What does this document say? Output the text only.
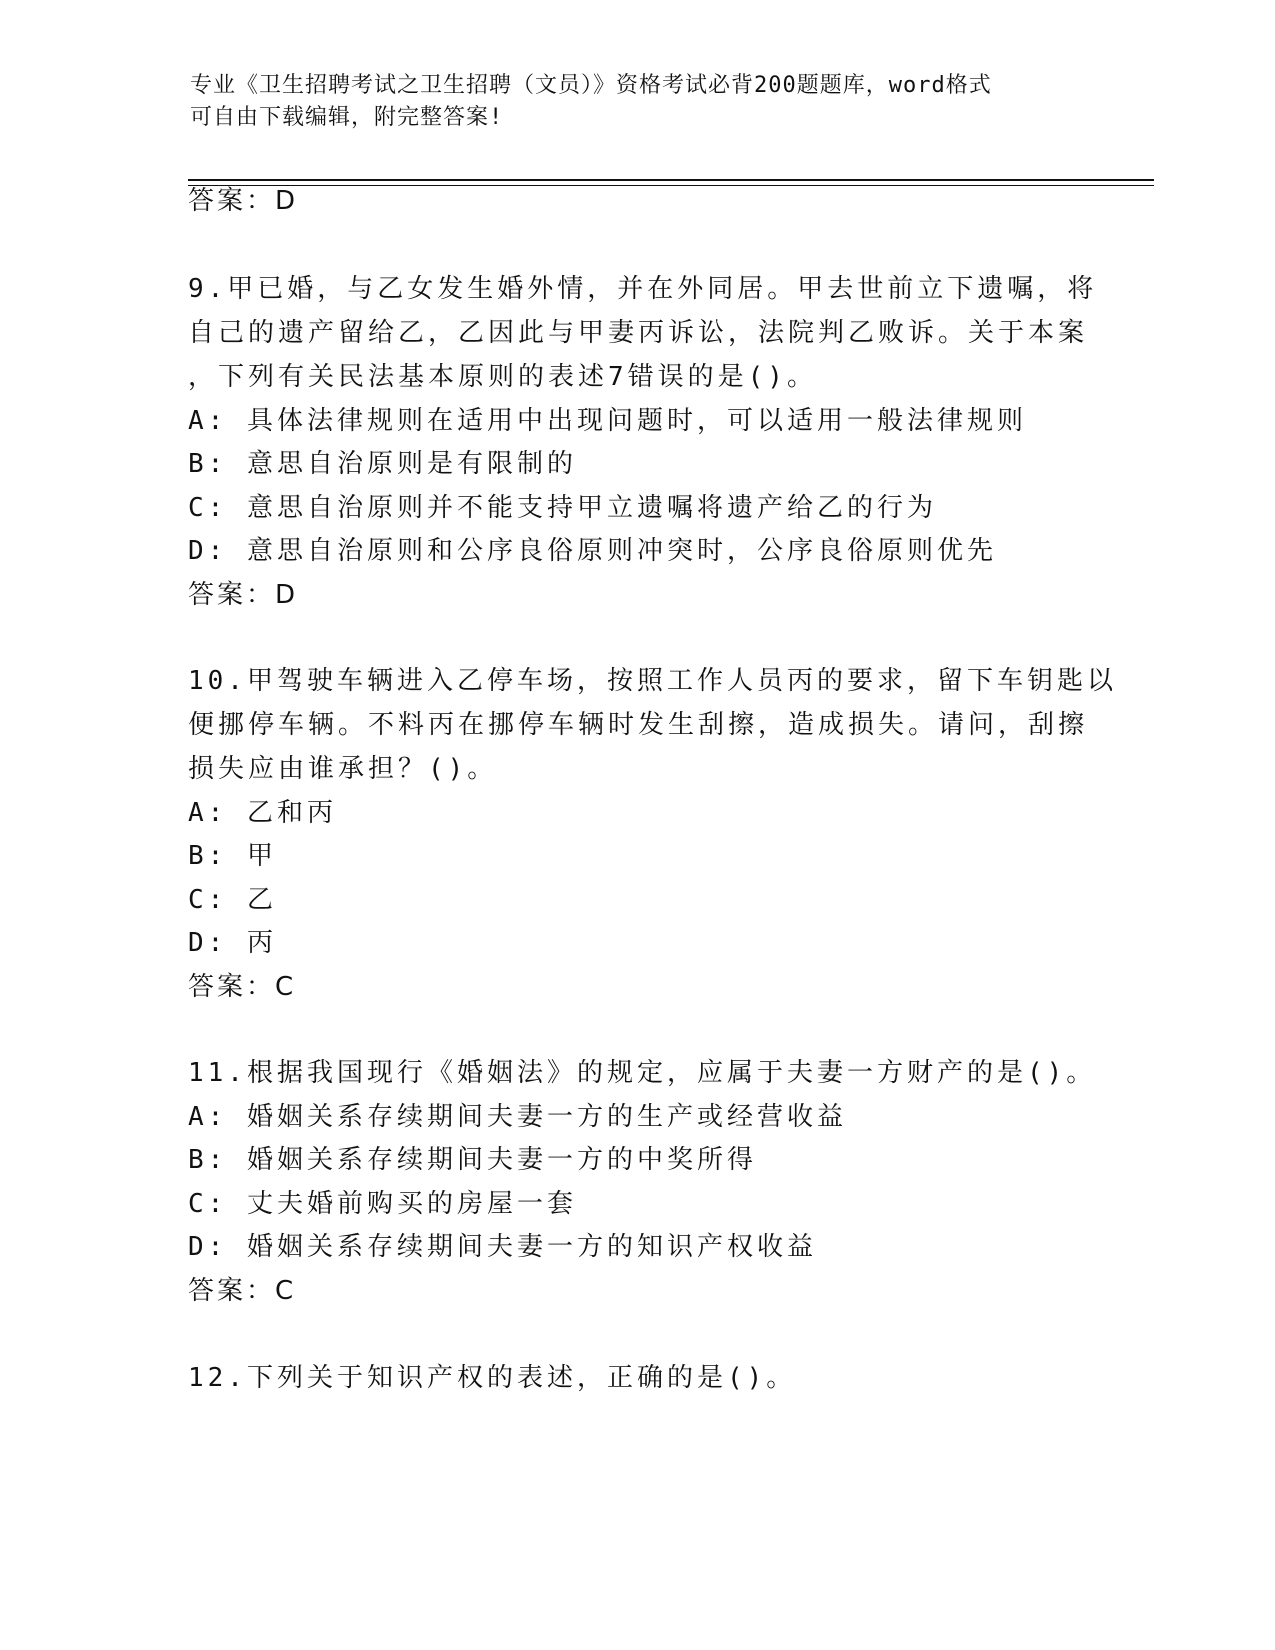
专业《卫生招聘考试之卫生招聘（文员）》资格考试必背200题题库，word格式
可自由下载编辑，附完整答案!
答案：D
9.甲已婚，与乙女发生婚外情，并在外同居。甲去世前立下遗嘱，将
自己的遗产留给乙，乙因此与甲妻丙诉讼，法院判乙败诉。关于本案
，下列有关民法基本原则的表述7错误的是()。
A: 具体法律规则在适用中出现问题时，可以适用一般法律规则
B: 意思自治原则是有限制的
C: 意思自治原则并不能支持甲立遗嘱将遗产给乙的行为
D: 意思自治原则和公序良俗原则冲突时，公序良俗原则优先
答案：D
10.甲驾驶车辆进入乙停车场，按照工作人员丙的要求，留下车钥匙以
便挪停车辆。不料丙在挪停车辆时发生刮擦，造成损失。请问，刮擦
损失应由谁承担？()。
A: 乙和丙
B: 甲
C: 乙
D: 丙
答案：C
11.根据我国现行《婚姻法》的规定，应属于夫妻一方财产的是()。
A: 婚姻关系存续期间夫妻一方的生产或经营收益
B: 婚姻关系存续期间夫妻一方的中奖所得
C: 丈夫婚前购买的房屋一套
D: 婚姻关系存续期间夫妻一方的知识产权收益
答案：C
12.下列关于知识产权的表述，正确的是()。
